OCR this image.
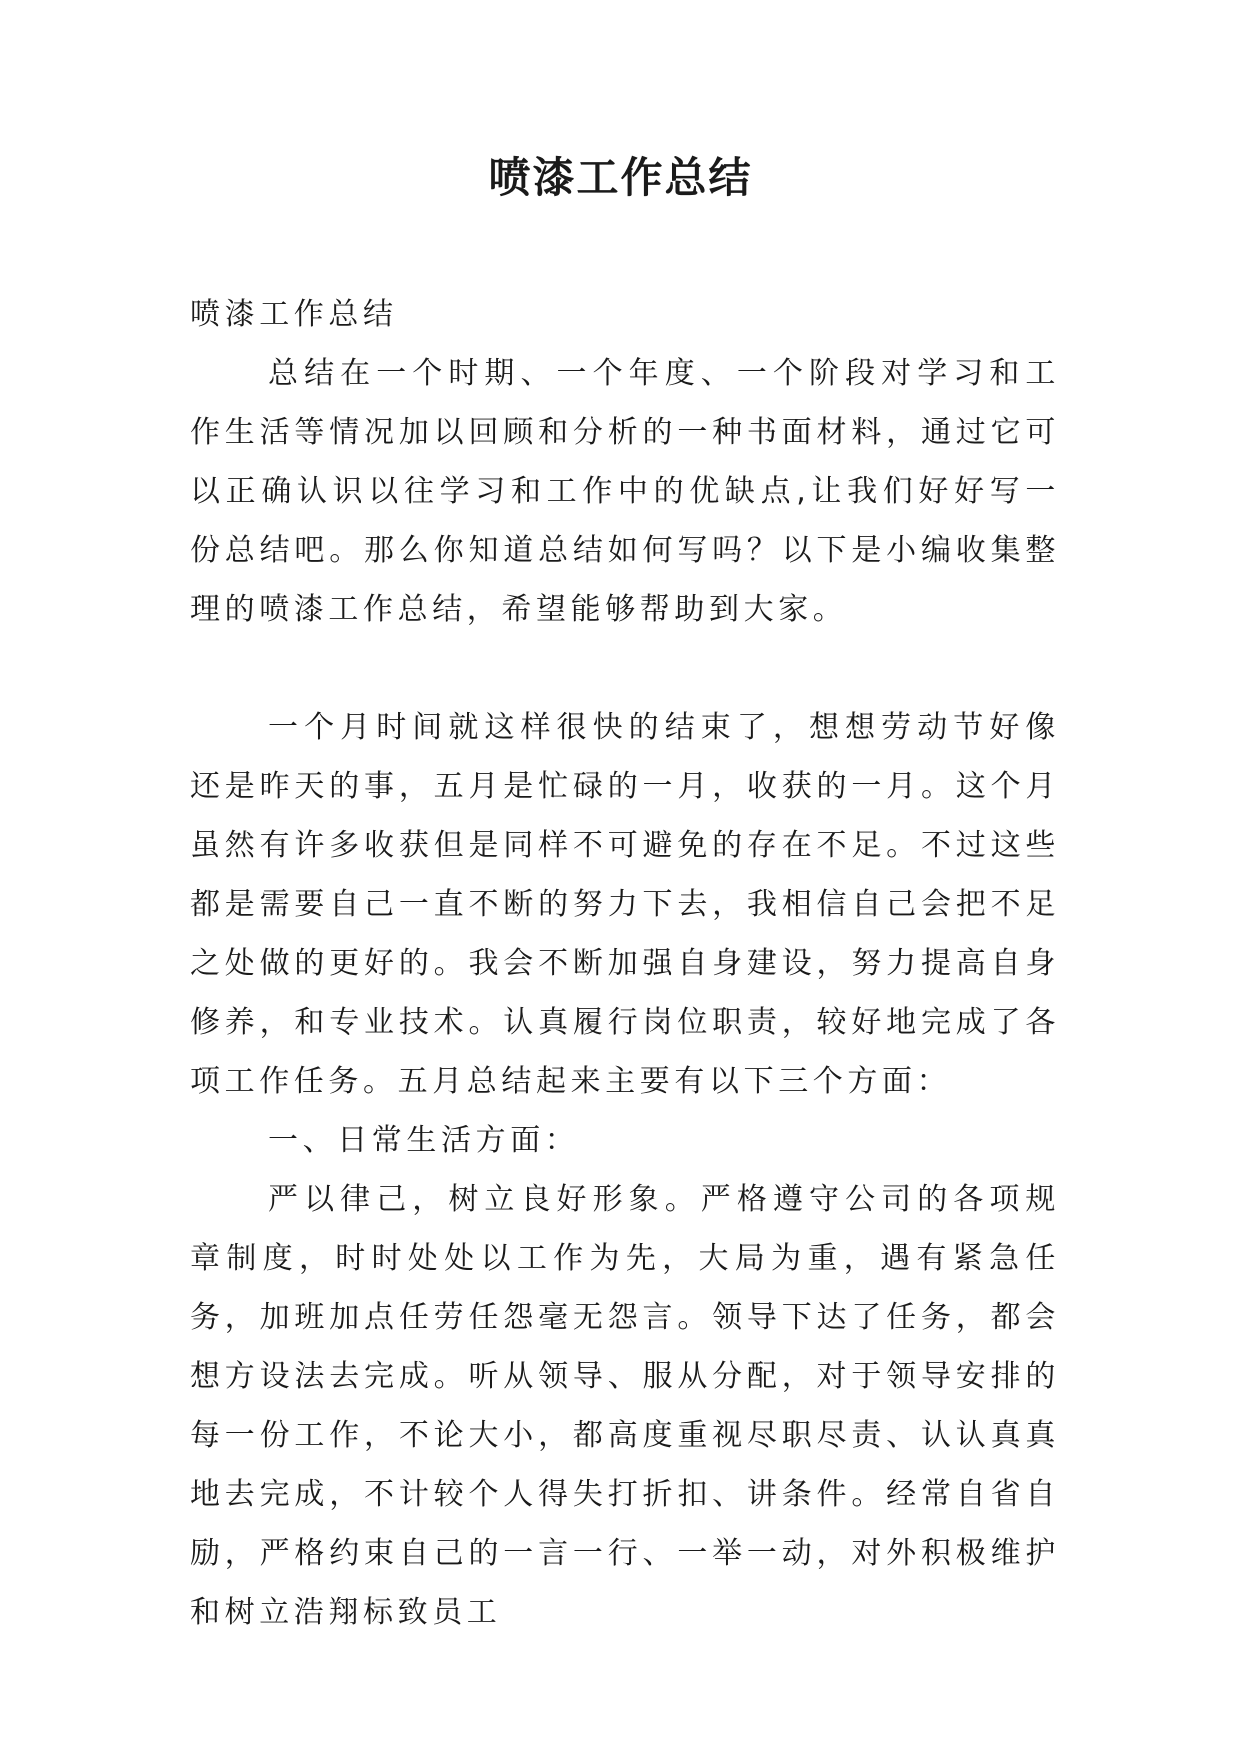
喷漆工作总结

喷漆工作总结

总结在一个时期、一个年度、一个阶段对学习和工作生活等情况加以回顾和分析的一种书面材料，通过它可以正确认识以往学习和工作中的优缺点,让我们好好写一份总结吧。那么你知道总结如何写吗？以下是小编收集整理的喷漆工作总结，希望能够帮助到大家。

一个月时间就这样很快的结束了，想想劳动节好像还是昨天的事，五月是忙碌的一月，收获的一月。这个月虽然有许多收获但是同样不可避免的存在不足。不过这些都是需要自己一直不断的努力下去，我相信自己会把不足之处做的更好的。我会不断加强自身建设，努力提高自身修养，和专业技术。认真履行岗位职责，较好地完成了各项工作任务。五月总结起来主要有以下三个方面：

一、日常生活方面：

严以律己，树立良好形象。严格遵守公司的各项规章制度，时时处处以工作为先，大局为重，遇有紧急任务，加班加点任劳任怨毫无怨言。领导下达了任务，都会想方设法去完成。听从领导、服从分配，对于领导安排的每一份工作，不论大小，都高度重视尽职尽责、认认真真地去完成，不计较个人得失打折扣、讲条件。经常自省自励，严格约束自己的一言一行、一举一动，对外积极维护和树立浩翔标致员工
